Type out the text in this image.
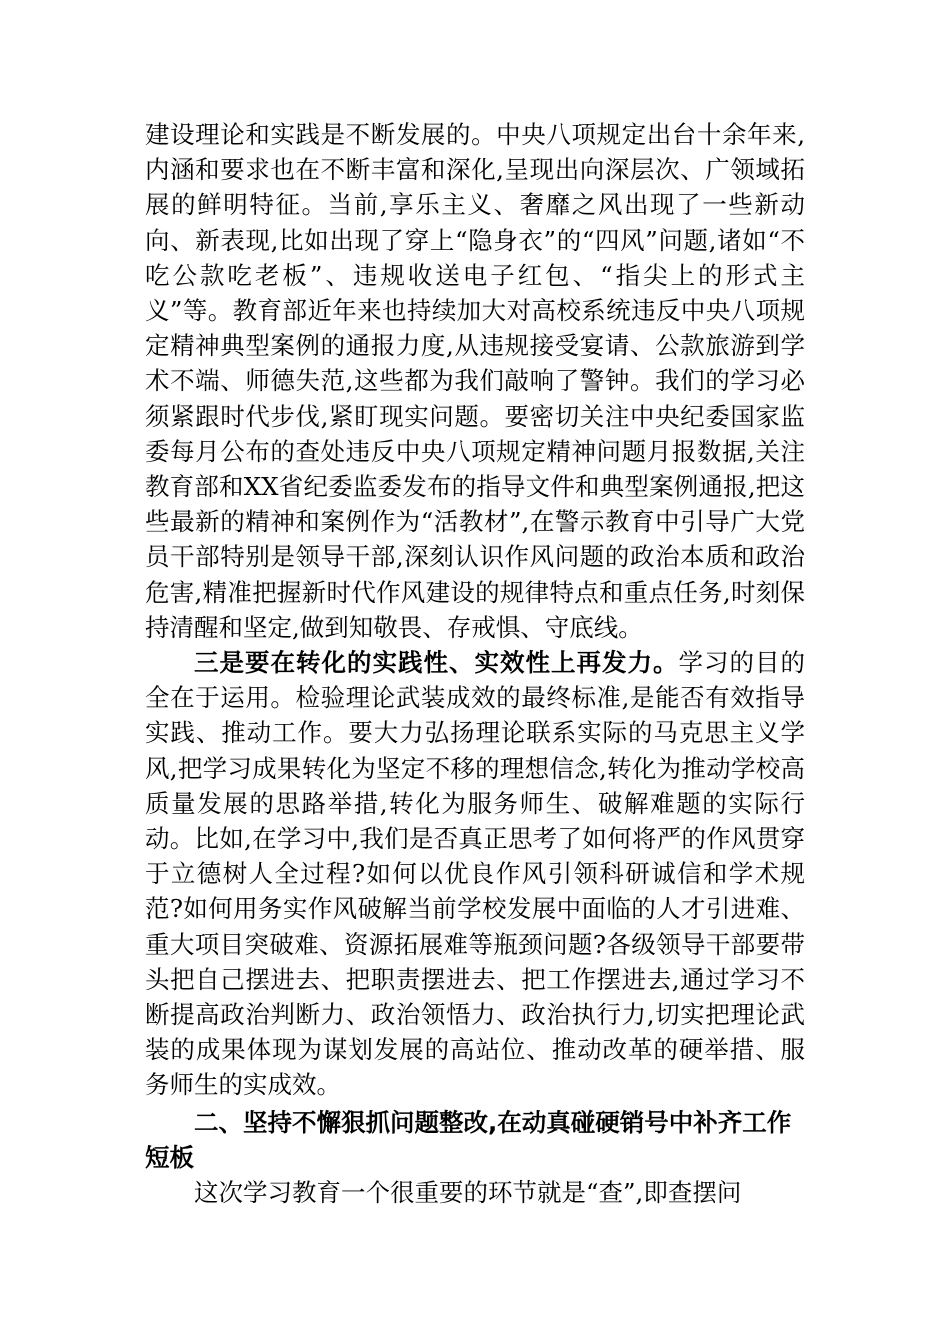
建设理论和实践是不断发展的。中央八项规定出台十余年来,内涵和要求也在不断丰富和深化,呈现出向深层次、广领域拓展的鲜明特征。当前,享乐主义、奢靡之风出现了一些新动向、新表现,比如出现了穿上“隐身衣”的“四风”问题,诸如“不吃公款吃老板”、违规收送电子红包、“指尖上的形式主义”等。教育部近年来也持续加大对高校系统违反中央八项规定精神典型案例的通报力度,从违规接受宴请、公款旅游到学术不端、师德失范,这些都为我们敲响了警钟。我们的学习必须紧跟时代步伐,紧盯现实问题。要密切关注中央纪委国家监委每月公布的查处违反中央八项规定精神问题月报数据,关注教育部和XX省纪委监委发布的指导文件和典型案例通报,把这些最新的精神和案例作为“活教材”,在警示教育中引导广大党员干部特别是领导干部,深刻认识作风问题的政治本质和政治危害,精准把握新时代作风建设的规律特点和重点任务,时刻保持清醒和坚定,做到知敬畏、存戒惧、守底线。

三是要在转化的实践性、实效性上再发力。学习的目的全在于运用。检验理论武装成效的最终标准,是能否有效指导实践、推动工作。要大力弘扬理论联系实际的马克思主义学风,把学习成果转化为坚定不移的理想信念,转化为推动学校高质量发展的思路举措,转化为服务师生、破解难题的实际行动。比如,在学习中,我们是否真正思考了如何将严的作风贯穿于立德树人全过程?如何以优良作风引领科研诚信和学术规范?如何用务实作风破解当前学校发展中面临的人才引进难、重大项目突破难、资源拓展难等瓶颈问题?各级领导干部要带头把自己摆进去、把职责摆进去、把工作摆进去,通过学习不断提高政治判断力、政治领悟力、政治执行力,切实把理论武装的成果体现为谋划发展的高站位、推动改革的硬举措、服务师生的实成效。

二、坚持不懈狠抓问题整改,在动真碰硬销号中补齐工作短板

这次学习教育一个很重要的环节就是“查”,即查摆问
